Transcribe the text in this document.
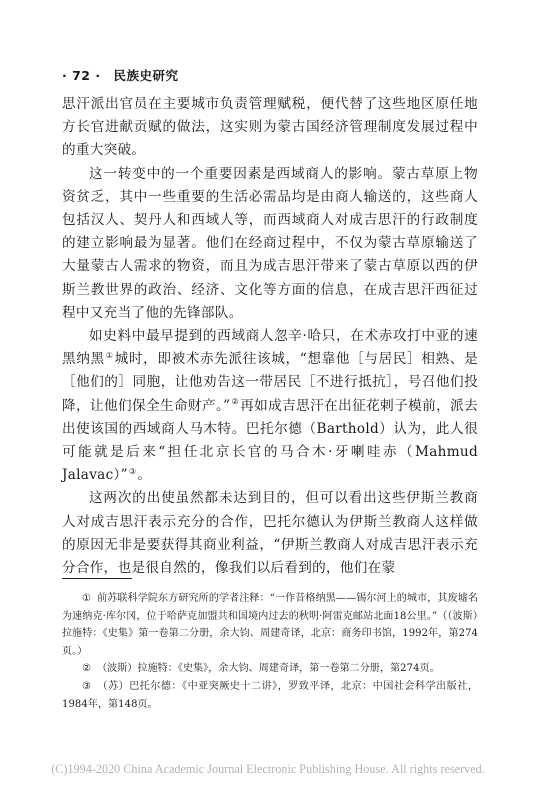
· 72 · 民族史研究

思汗派出官员在主要城市负责管理赋税，便代替了这些地区原任地方长官进献贡赋的做法，这实则为蒙古国经济管理制度发展过程中的重大突破。

这一转变中的一个重要因素是西域商人的影响。蒙古草原上物资贫乏，其中一些重要的生活必需品均是由商人输送的，这些商人包括汉人、契丹人和西域人等，而西域商人对成吉思汗的行政制度的建立影响最为显著。他们在经商过程中，不仅为蒙古草原输送了大量蒙古人需求的物资，而且为成吉思汗带来了蒙古草原以西的伊斯兰教世界的政治、经济、文化等方面的信息，在成吉思汗西征过程中又充当了他的先锋部队。

如史料中最早提到的西域商人忽辛·哈只，在术赤攻打中亚的速黑纳黑①城时，即被术赤先派往该城，“想靠他［与居民］相熟、是［他们的］同胞，让他劝告这一带居民［不进行抵抗］，号召他们投降，让他们保全生命财产。”②再如成吉思汗在出征花剌子模前，派去出使该国的西域商人马木特。巴托尔德（Barthold）认为，此人很可能就是后来“担任北京长官的马合木·牙喇哇赤（Mahmud Jalavac）”③。

这两次的出使虽然都未达到目的，但可以看出这些伊斯兰教商人对成吉思汗表示充分的合作，巴托尔德认为伊斯兰教商人这样做的原因无非是要获得其商业利益，“伊斯兰教商人对成吉思汗表示充分合作，也是很自然的，像我们以后看到的，他们在蒙

① 前苏联科学院东方研究所的学者注释：“一作昔格纳黑——锡尔河上的城市，其废墟名为速纳克·库尔冈，位于哈萨克加盟共和国境内过去的秋明·阿雷克邮站北面18公里。”（（波斯）拉施特：《史集》第一卷第二分册，余大钧、周建奇译，北京：商务印书馆，1992年，第274页。）

② （波斯）拉施特：《史集》，余大钧、周建奇译，第一卷第二分册，第274页。

③ （苏）巴托尔德：《中亚突厥史十二讲》，罗致平译，北京：中国社会科学出版社，1984年，第148页。

(C)1994-2020 China Academic Journal Electronic Publishing House. All rights reserved.
